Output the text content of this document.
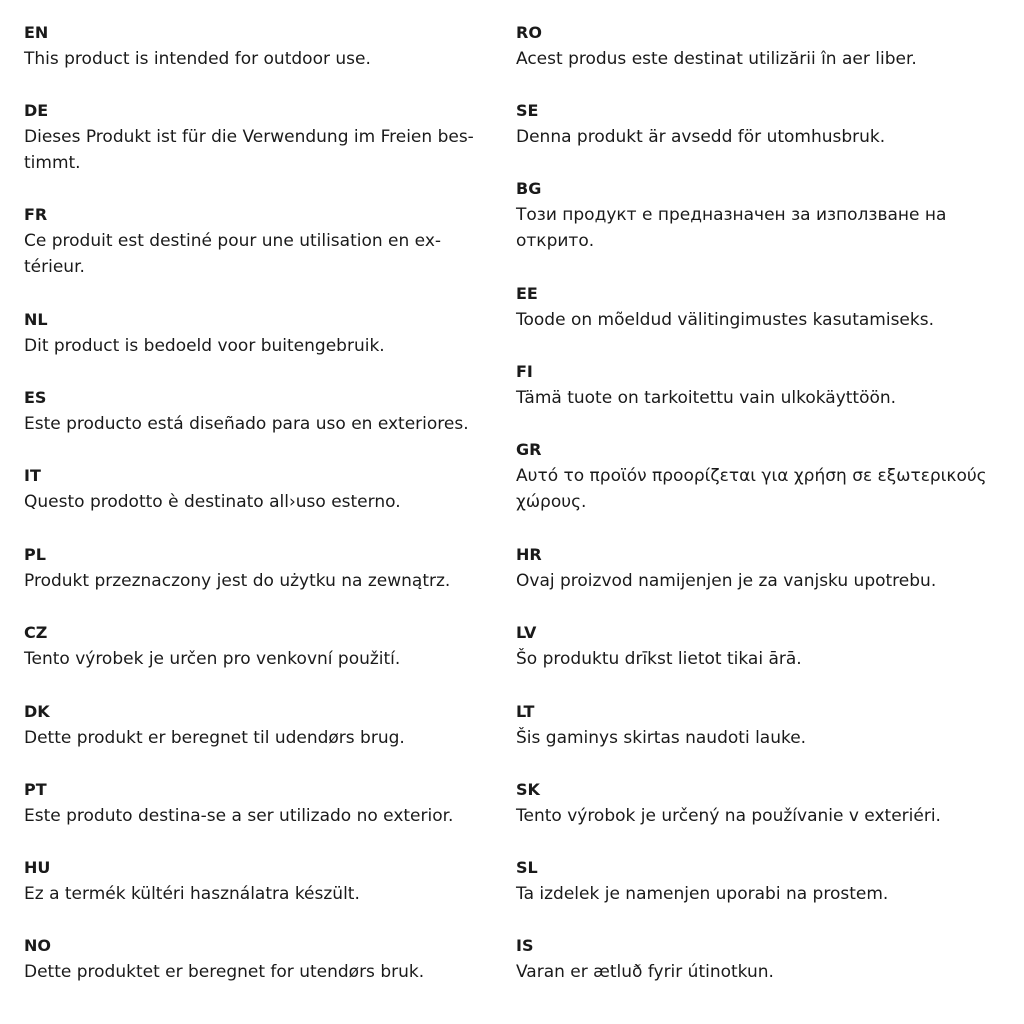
EN
This product is intended for outdoor use.
DE
Dieses Produkt ist für die Verwendung im Freien bes-
timmt.
FR
Ce produit est destiné pour une utilisation en ex-
térieur.
NL
Dit product is bedoeld voor buitengebruik.
ES
Este producto está diseñado para uso en exteriores.
IT
Questo prodotto è destinato all›uso esterno.
PL
Produkt przeznaczony jest do użytku na zewnątrz.
CZ
Tento výrobek je určen pro venkovní použití.
DK
Dette produkt er beregnet til udendørs brug.
PT
Este produto destina-se a ser utilizado no exterior.
HU
Ez a termék kültéri használatra készült.
NO
Dette produktet er beregnet for utendørs bruk.
RO
Acest produs este destinat utilizării în aer liber.
SE
Denna produkt är avsedd för utomhusbruk.
BG
Този продукт е предназначен за използване на
открито.
EE
Toode on mõeldud välitingimustes kasutamiseks.
FI
Tämä tuote on tarkoitettu vain ulkokäyttöön.
GR
Αυτό το προϊόν προορίζεται για χρήση σε εξωτερικούς
χώρους.
HR
Ovaj proizvod namijenjen je za vanjsku upotrebu.
LV
Šo produktu drīkst lietot tikai ārā.
LT
Šis gaminys skirtas naudoti lauke.
SK
Tento výrobok je určený na používanie v exteriéri.
SL
Ta izdelek je namenjen uporabi na prostem.
IS
Varan er ætluð fyrir útinotkun.
